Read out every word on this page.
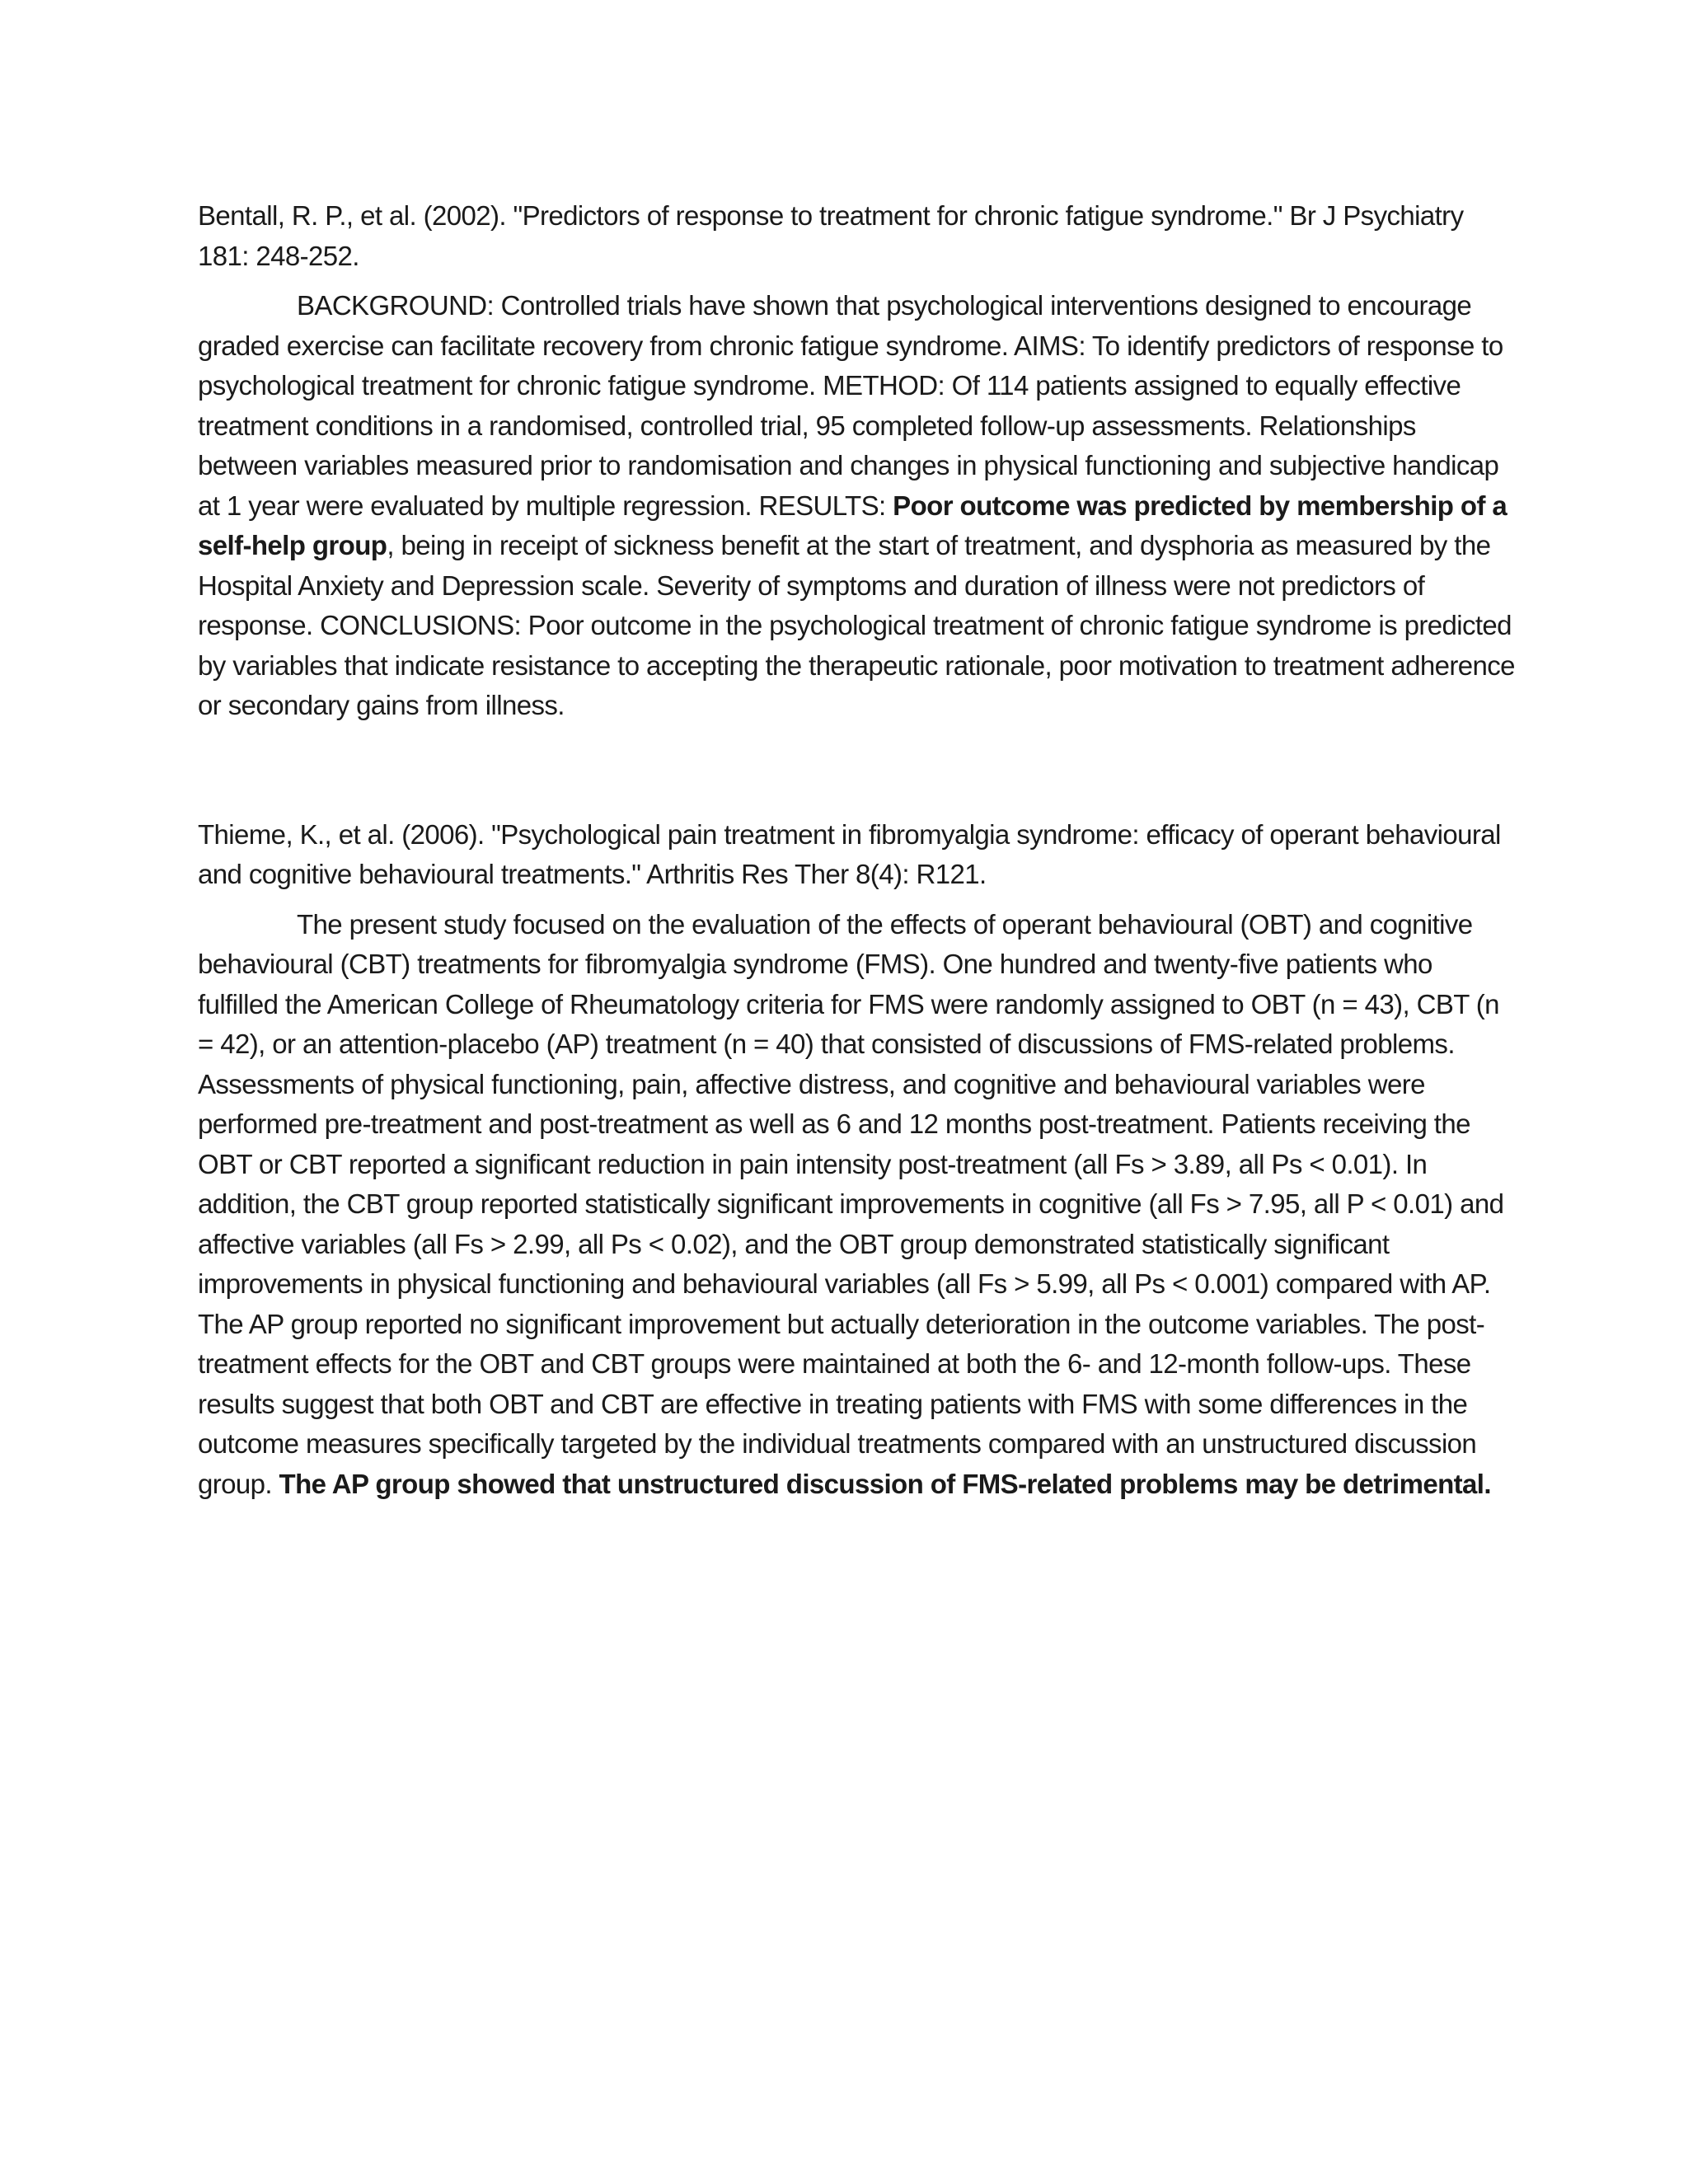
Bentall, R. P., et al. (2002). "Predictors of response to treatment for chronic fatigue syndrome." Br J Psychiatry 181: 248-252.

BACKGROUND: Controlled trials have shown that psychological interventions designed to encourage graded exercise can facilitate recovery from chronic fatigue syndrome. AIMS: To identify predictors of response to psychological treatment for chronic fatigue syndrome. METHOD: Of 114 patients assigned to equally effective treatment conditions in a randomised, controlled trial, 95 completed follow-up assessments. Relationships between variables measured prior to randomisation and changes in physical functioning and subjective handicap at 1 year were evaluated by multiple regression. RESULTS: Poor outcome was predicted by membership of a self-help group, being in receipt of sickness benefit at the start of treatment, and dysphoria as measured by the Hospital Anxiety and Depression scale. Severity of symptoms and duration of illness were not predictors of response. CONCLUSIONS: Poor outcome in the psychological treatment of chronic fatigue syndrome is predicted by variables that indicate resistance to accepting the therapeutic rationale, poor motivation to treatment adherence or secondary gains from illness.

Thieme, K., et al. (2006). "Psychological pain treatment in fibromyalgia syndrome: efficacy of operant behavioural and cognitive behavioural treatments." Arthritis Res Ther 8(4): R121.

The present study focused on the evaluation of the effects of operant behavioural (OBT) and cognitive behavioural (CBT) treatments for fibromyalgia syndrome (FMS). One hundred and twenty-five patients who fulfilled the American College of Rheumatology criteria for FMS were randomly assigned to OBT (n = 43), CBT (n = 42), or an attention-placebo (AP) treatment (n = 40) that consisted of discussions of FMS-related problems. Assessments of physical functioning, pain, affective distress, and cognitive and behavioural variables were performed pre-treatment and post-treatment as well as 6 and 12 months post-treatment. Patients receiving the OBT or CBT reported a significant reduction in pain intensity post-treatment (all Fs > 3.89, all Ps < 0.01). In addition, the CBT group reported statistically significant improvements in cognitive (all Fs > 7.95, all P < 0.01) and affective variables (all Fs > 2.99, all Ps < 0.02), and the OBT group demonstrated statistically significant improvements in physical functioning and behavioural variables (all Fs > 5.99, all Ps < 0.001) compared with AP. The AP group reported no significant improvement but actually deterioration in the outcome variables. The post-treatment effects for the OBT and CBT groups were maintained at both the 6- and 12-month follow-ups. These results suggest that both OBT and CBT are effective in treating patients with FMS with some differences in the outcome measures specifically targeted by the individual treatments compared with an unstructured discussion group. The AP group showed that unstructured discussion of FMS-related problems may be detrimental.
